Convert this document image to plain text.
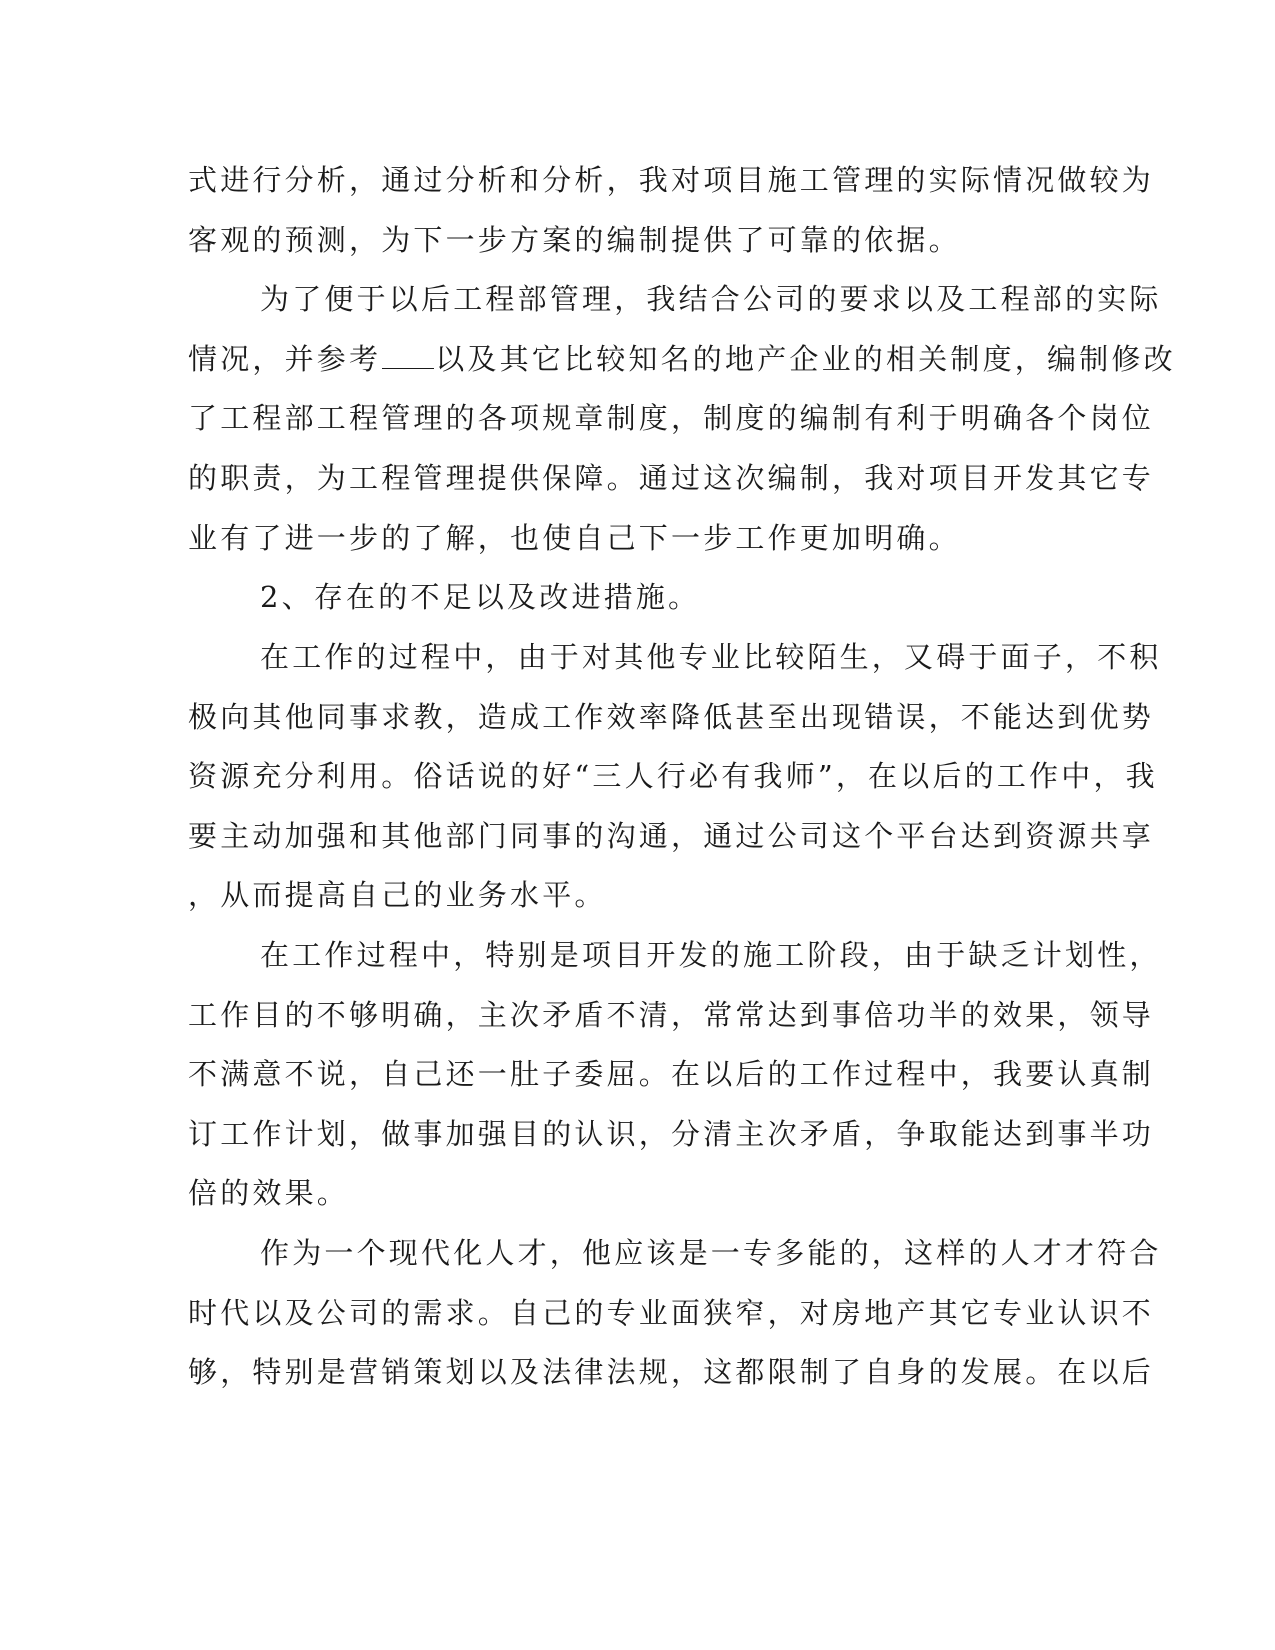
式进行分析，通过分析和分析，我对项目施工管理的实际情况做较为
客观的预测，为下一步方案的编制提供了可靠的依据。
为了便于以后工程部管理，我结合公司的要求以及工程部的实际
情况，并参考 以及其它比较知名的地产企业的相关制度，编制修改
了工程部工程管理的各项规章制度，制度的编制有利于明确各个岗位
的职责，为工程管理提供保障。通过这次编制，我对项目开发其它专
业有了进一步的了解，也使自己下一步工作更加明确。
2、存在的不足以及改进措施。
在工作的过程中，由于对其他专业比较陌生，又碍于面子，不积
极向其他同事求教，造成工作效率降低甚至出现错误，不能达到优势
资源充分利用。俗话说的好“三人行必有我师”，在以后的工作中，我
要主动加强和其他部门同事的沟通，通过公司这个平台达到资源共享
，从而提高自己的业务水平。
在工作过程中，特别是项目开发的施工阶段，由于缺乏计划性，
工作目的不够明确，主次矛盾不清，常常达到事倍功半的效果，领导
不满意不说，自己还一肚子委屈。在以后的工作过程中，我要认真制
订工作计划，做事加强目的认识，分清主次矛盾，争取能达到事半功
倍的效果。
作为一个现代化人才，他应该是一专多能的，这样的人才才符合
时代以及公司的需求。自己的专业面狭窄，对房地产其它专业认识不
够，特别是营销策划以及法律法规，这都限制了自身的发展。在以后
